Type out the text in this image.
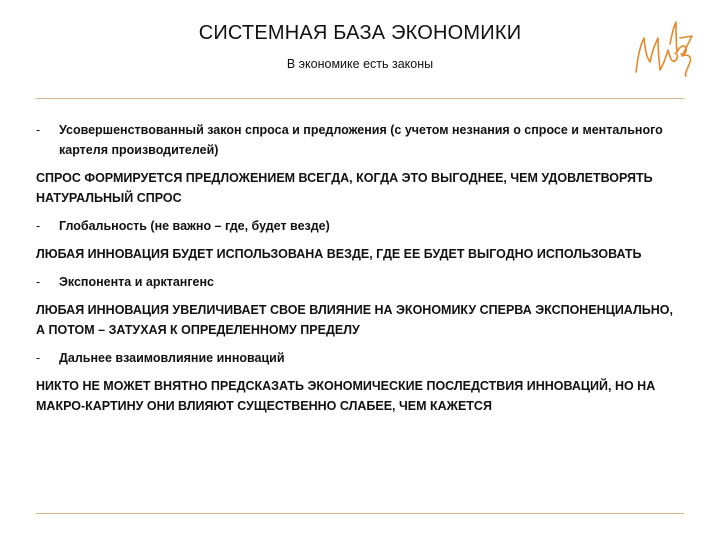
СИСТЕМНАЯ БАЗА ЭКОНОМИКИ
В экономике есть законы
-	Усовершенствованный закон спроса и предложения (с учетом незнания о спросе и ментального картеля производителей)
СПРОС ФОРМИРУЕТСЯ ПРЕДЛОЖЕНИЕМ ВСЕГДА, КОГДА ЭТО ВЫГОДНЕЕ, ЧЕМ УДОВЛЕТВОРЯТЬ НАТУРАЛЬНЫЙ СПРОС
-	Глобальность (не важно – где, будет везде)
ЛЮБАЯ ИННОВАЦИЯ БУДЕТ ИСПОЛЬЗОВАНА ВЕЗДЕ, ГДЕ ЕЕ БУДЕТ ВЫГОДНО ИСПОЛЬЗОВАТЬ
-	Экспонента и арктангенс
ЛЮБАЯ ИННОВАЦИЯ УВЕЛИЧИВАЕТ СВОЕ ВЛИЯНИЕ НА ЭКОНОМИКУ СПЕРВА ЭКСПОНЕНЦИАЛЬНО, А ПОТОМ – ЗАТУХАЯ К ОПРЕДЕЛЕННОМУ ПРЕДЕЛУ
-	Дальнее взаимовлияние инноваций
НИКТО НЕ МОЖЕТ ВНЯТНО ПРЕДСКАЗАТЬ ЭКОНОМИЧЕСКИЕ ПОСЛЕДСТВИЯ ИННОВАЦИЙ, НО НА МАКРО-КАРТИНУ ОНИ ВЛИЯЮТ СУЩЕСТВЕННО СЛАБЕЕ, ЧЕМ КАЖЕТСЯ
